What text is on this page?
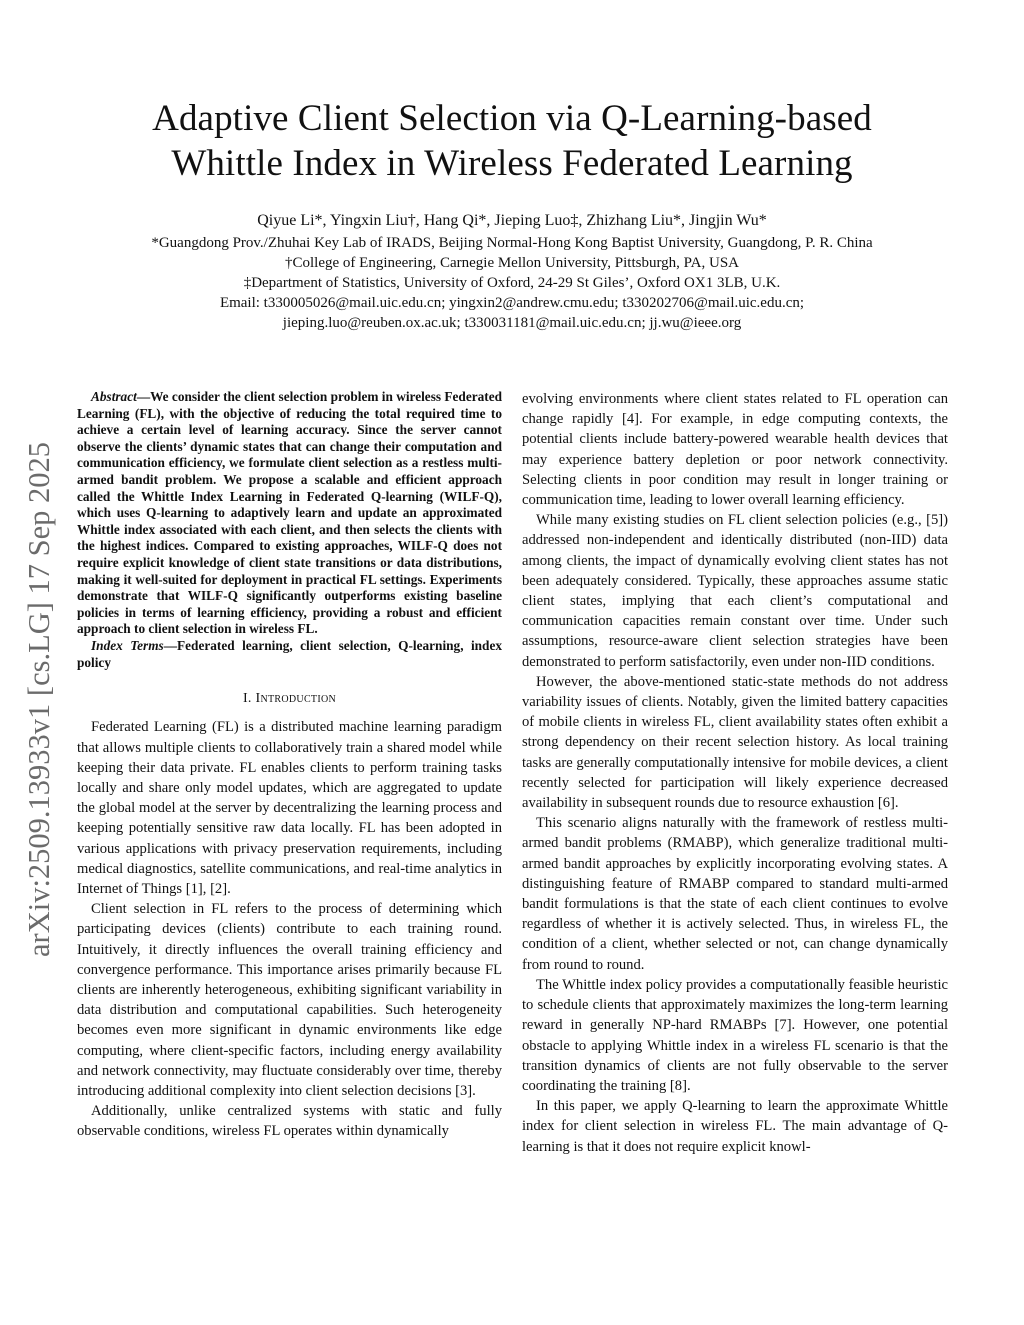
arXiv:2509.13933v1 [cs.LG] 17 Sep 2025
Adaptive Client Selection via Q-Learning-based
Whittle Index in Wireless Federated Learning
Qiyue Li*, Yingxin Liu†, Hang Qi*, Jieping Luo‡, Zhizhang Liu*, Jingjin Wu*
*Guangdong Prov./Zhuhai Key Lab of IRADS, Beijing Normal-Hong Kong Baptist University, Guangdong, P. R. China
†College of Engineering, Carnegie Mellon University, Pittsburgh, PA, USA
‡Department of Statistics, University of Oxford, 24-29 St Giles’, Oxford OX1 3LB, U.K.
Email: t330005026@mail.uic.edu.cn; yingxin2@andrew.cmu.edu; t330202706@mail.uic.edu.cn;
jieping.luo@reuben.ox.ac.uk; t330031181@mail.uic.edu.cn; jj.wu@ieee.org

Abstract—We consider the client selection problem in wireless Federated Learning (FL), with the objective of reducing the total required time to achieve a certain level of learning accuracy. Since the server cannot observe the clients’ dynamic states that can change their computation and communication efficiency, we formulate client selection as a restless multi-armed bandit problem. We propose a scalable and efficient approach called the Whittle Index Learning in Federated Q-learning (WILF-Q), which uses Q-learning to adaptively learn and update an approximated Whittle index associated with each client, and then selects the clients with the highest indices. Compared to existing approaches, WILF-Q does not require explicit knowledge of client state transitions or data distributions, making it well-suited for deployment in practical FL settings. Experiments demonstrate that WILF-Q significantly outperforms existing baseline policies in terms of learning efficiency, providing a robust and efficient approach to client selection in wireless FL.

Index Terms—Federated learning, client selection, Q-learning, index policy

I. Introduction

Federated Learning (FL) is a distributed machine learning paradigm that allows multiple clients to collaboratively train a shared model while keeping their data private. FL enables clients to perform training tasks locally and share only model updates, which are aggregated to update the global model at the server by decentralizing the learning process and keeping potentially sensitive raw data locally. FL has been adopted in various applications with privacy preservation requirements, including medical diagnostics, satellite communications, and real-time analytics in Internet of Things [1], [2].

Client selection in FL refers to the process of determining which participating devices (clients) contribute to each training round. Intuitively, it directly influences the overall training efficiency and convergence performance. This importance arises primarily because FL clients are inherently heterogeneous, exhibiting significant variability in data distribution and computational capabilities. Such heterogeneity becomes even more significant in dynamic environments like edge computing, where client-specific factors, including energy availability and network connectivity, may fluctuate considerably over time, thereby introducing additional complexity into client selection decisions [3].

Additionally, unlike centralized systems with static and fully observable conditions, wireless FL operates within dynamically

evolving environments where client states related to FL operation can change rapidly [4]. For example, in edge computing contexts, the potential clients include battery-powered wearable health devices that may experience battery depletion or poor network connectivity. Selecting clients in poor condition may result in longer training or communication time, leading to lower overall learning efficiency.

While many existing studies on FL client selection policies (e.g., [5]) addressed non-independent and identically distributed (non-IID) data among clients, the impact of dynamically evolving client states has not been adequately considered. Typically, these approaches assume static client states, implying that each client’s computational and communication capacities remain constant over time. Under such assumptions, resource-aware client selection strategies have been demonstrated to perform satisfactorily, even under non-IID conditions.

However, the above-mentioned static-state methods do not address variability issues of clients. Notably, given the limited battery capacities of mobile clients in wireless FL, client availability states often exhibit a strong dependency on their recent selection history. As local training tasks are generally computationally intensive for mobile devices, a client recently selected for participation will likely experience decreased availability in subsequent rounds due to resource exhaustion [6].

This scenario aligns naturally with the framework of restless multi-armed bandit problems (RMABP), which generalize traditional multi-armed bandit approaches by explicitly incorporating evolving states. A distinguishing feature of RMABP compared to standard multi-armed bandit formulations is that the state of each client continues to evolve regardless of whether it is actively selected. Thus, in wireless FL, the condition of a client, whether selected or not, can change dynamically from round to round.

The Whittle index policy provides a computationally feasible heuristic to schedule clients that approximately maximizes the long-term learning reward in generally NP-hard RMABPs [7]. However, one potential obstacle to applying Whittle index in a wireless FL scenario is that the transition dynamics of clients are not fully observable to the server coordinating the training [8].

In this paper, we apply Q-learning to learn the approximate Whittle index for client selection in wireless FL. The main advantage of Q-learning is that it does not require explicit knowl-
